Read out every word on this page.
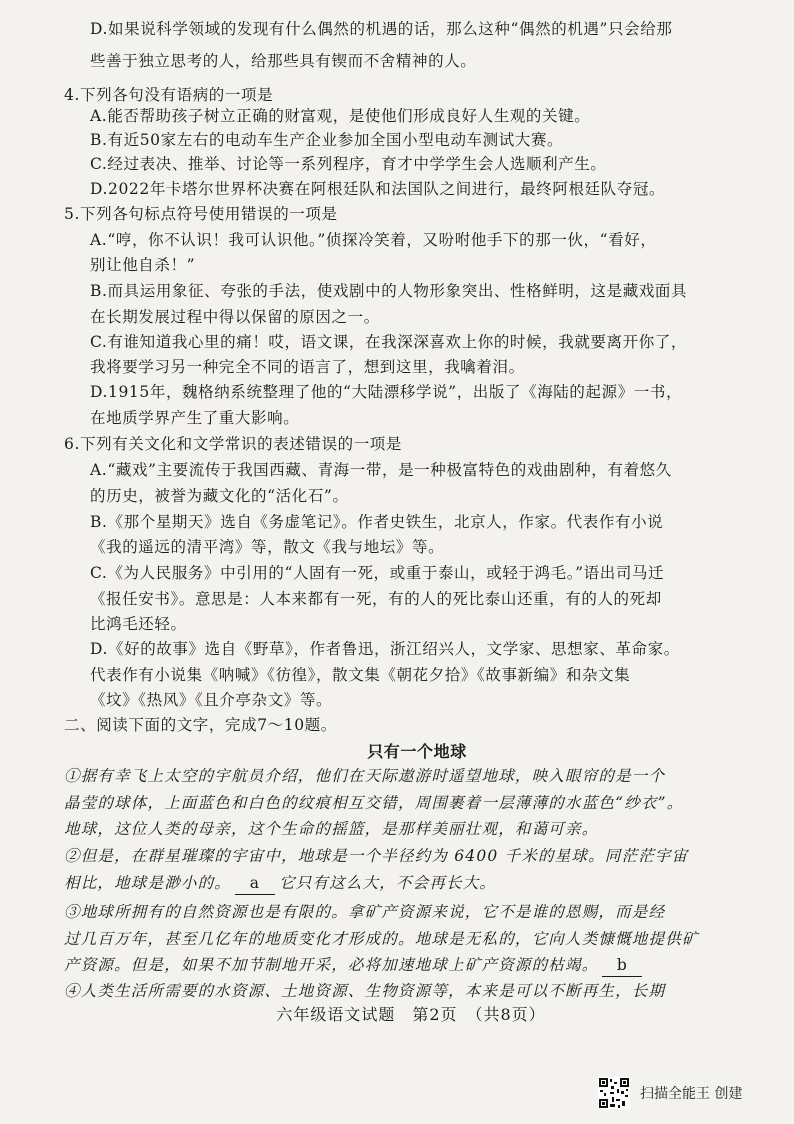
D.如果说科学领域的发现有什么偶然的机遇的话，那么这种“偶然的机遇”只会给那
些善于独立思考的人，给那些具有锲而不舍精神的人。
4.下列各句没有语病的一项是
A.能否帮助孩子树立正确的财富观，是使他们形成良好人生观的关键。
B.有近50家左右的电动车生产企业参加全国小型电动车测试大赛。
C.经过表决、推举、讨论等一系列程序，育才中学学生会人选顺利产生。
D.2022年卡塔尔世界杯决赛在阿根廷队和法国队之间进行，最终阿根廷队夺冠。
5.下列各句标点符号使用错误的一项是
A.“哼，你不认识！我可认识他。”侦探冷笑着，又吩咐他手下的那一伙，“看好，
别让他自杀！”
B.而具运用象征、夸张的手法，使戏剧中的人物形象突出、性格鲜明，这是藏戏面具
在长期发展过程中得以保留的原因之一。
C.有谁知道我心里的痛！哎，语文课，在我深深喜欢上你的时候，我就要离开你了，
我将要学习另一种完全不同的语言了，想到这里，我噙着泪。
D.1915年，魏格纳系统整理了他的“大陆漂移学说”，出版了《海陆的起源》一书，
在地质学界产生了重大影响。
6.下列有关文化和文学常识的表述错误的一项是
A.“藏戏”主要流传于我国西藏、青海一带，是一种极富特色的戏曲剧种，有着悠久
的历史，被誉为藏文化的“活化石”。
B.《那个星期天》选自《务虚笔记》。作者史铁生，北京人，作家。代表作有小说
《我的遥远的清平湾》等，散文《我与地坛》等。
C.《为人民服务》中引用的“人固有一死，或重于泰山，或轻于鸿毛。”语出司马迁
《报任安书》。意思是：人本来都有一死，有的人的死比泰山还重，有的人的死却
比鸿毛还轻。
D.《好的故事》选自《野草》，作者鲁迅，浙江绍兴人，文学家、思想家、革命家。
代表作有小说集《呐喊》《彷徨》，散文集《朝花夕拾》《故事新编》和杂文集
《坟》《热风》《且介亭杂文》等。
二、阅读下面的文字，完成7～10题。
只有一个地球
①据有幸飞上太空的宇航员介绍，他们在天际遨游时遥望地球，映入眼帘的是一个
晶莹的球体，上面蓝色和白色的纹痕相互交错，周围裹着一层薄薄的水蓝色“纱衣”。
地球，这位人类的母亲，这个生命的摇篮，是那样美丽壮观，和蔼可亲。
②但是，在群星璀璨的宇宙中，地球是一个半径约为 6400 千米的星球。同茫茫宇宙
相比，地球是渺小的。 a 它只有这么大，不会再长大。
③地球所拥有的自然资源也是有限的。拿矿产资源来说，它不是谁的恩赐，而是经
过几百万年，甚至几亿年的地质变化才形成的。地球是无私的，它向人类慷慨地提供矿
产资源。但是，如果不加节制地开采，必将加速地球上矿产资源的枯竭。 b
④人类生活所需要的水资源、土地资源、生物资源等，本来是可以不断再生，长期
六年级语文试题　第2页　（共8页）
扫描全能王 创建
